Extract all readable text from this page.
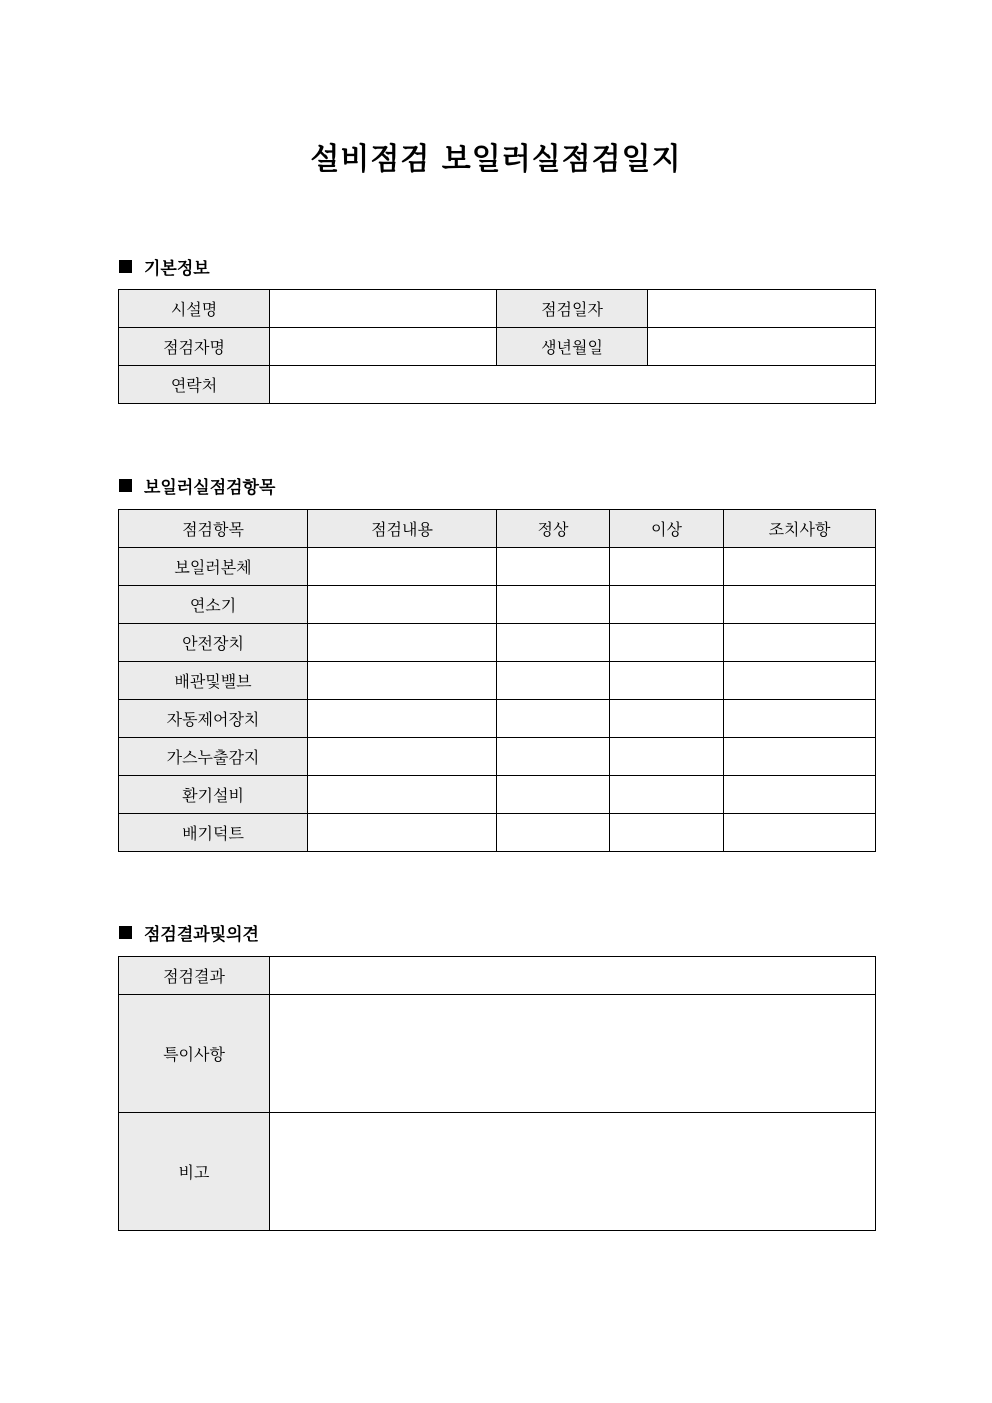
설비점검 보일러실점검일지
기본정보
시설명		점검일자	
점검자명		생년월일	
연락처			
보일러실점검항목
점검항목	점검내용	정상	이상	조치사항
보일러본체				
연소기				
안전장치				
배관및밸브				
자동제어장치				
가스누출감지				
환기설비				
배기덕트				
점검결과및의견
점검결과	
특이사항	
비고	
